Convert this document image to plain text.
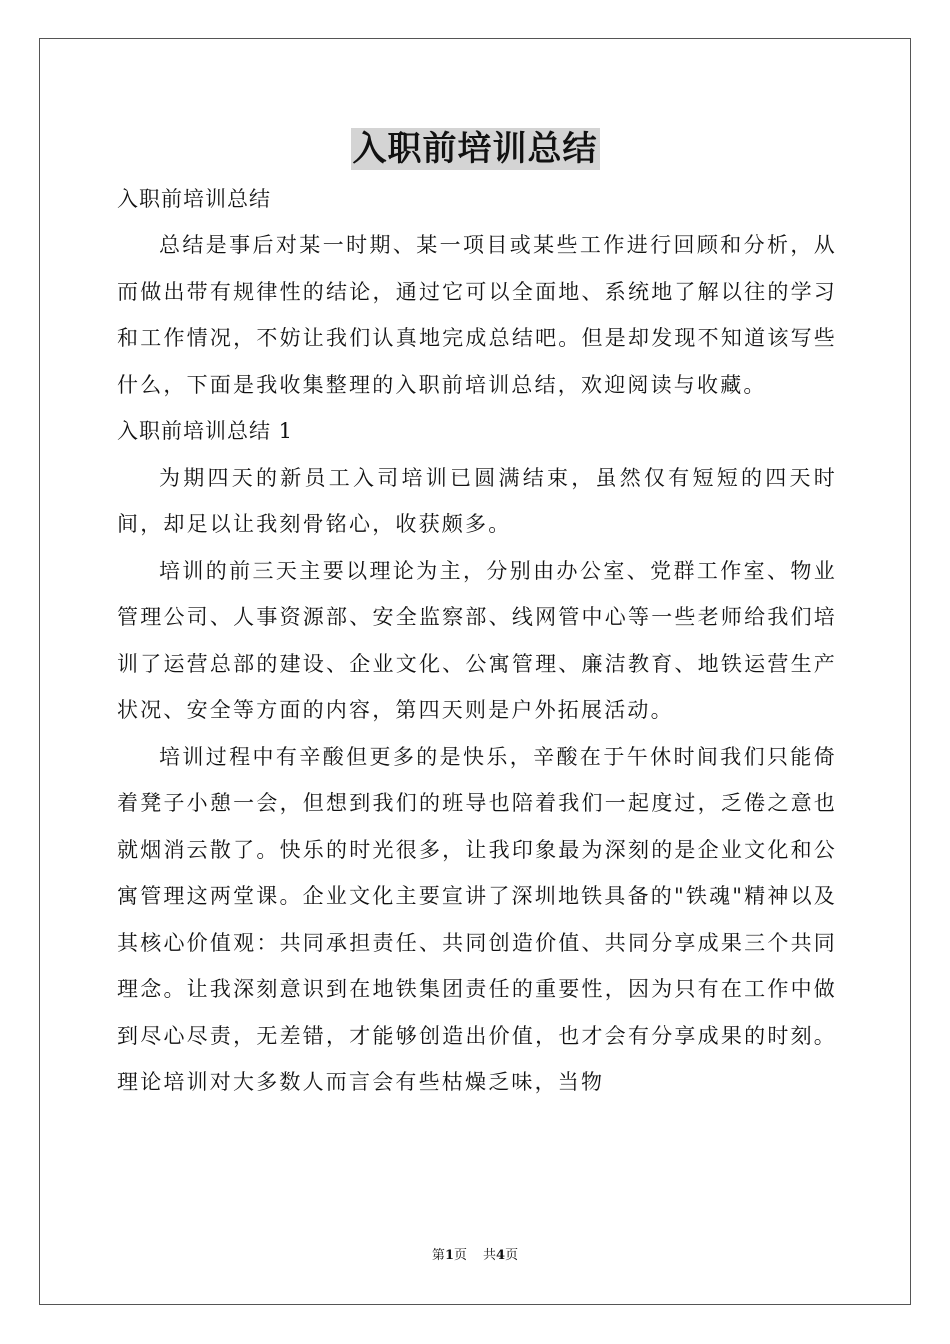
入职前培训总结

入职前培训总结

总结是事后对某一时期、某一项目或某些工作进行回顾和分析，从而做出带有规律性的结论，通过它可以全面地、系统地了解以往的学习和工作情况，不妨让我们认真地完成总结吧。但是却发现不知道该写些什么，下面是我收集整理的入职前培训总结，欢迎阅读与收藏。

入职前培训总结 1

为期四天的新员工入司培训已圆满结束，虽然仅有短短的四天时间，却足以让我刻骨铭心，收获颇多。

培训的前三天主要以理论为主，分别由办公室、党群工作室、物业管理公司、人事资源部、安全监察部、线网管中心等一些老师给我们培训了运营总部的建设、企业文化、公寓管理、廉洁教育、地铁运营生产状况、安全等方面的内容，第四天则是户外拓展活动。

培训过程中有辛酸但更多的是快乐，辛酸在于午休时间我们只能倚着凳子小憩一会，但想到我们的班导也陪着我们一起度过，乏倦之意也就烟消云散了。快乐的时光很多，让我印象最为深刻的是企业文化和公寓管理这两堂课。企业文化主要宣讲了深圳地铁具备的"铁魂"精神以及其核心价值观：共同承担责任、共同创造价值、共同分享成果三个共同理念。让我深刻意识到在地铁集团责任的重要性，因为只有在工作中做到尽心尽责，无差错，才能够创造出价值，也才会有分享成果的时刻。理论培训对大多数人而言会有些枯燥乏味，当物

第1页 共4页
